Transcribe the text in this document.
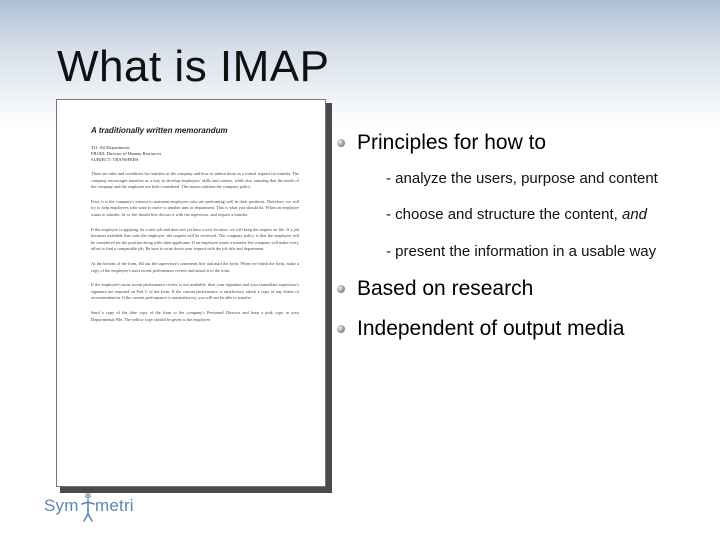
What is IMAP
A traditionally written memorandum
TO: All Departments
FROM: Director of Human Resources
SUBJECT: TRANSFERS
There are rules and conditions for transfers at the company and how to submit those as a formal request for transfer. The company encourages transfers as a way to develop employees' skills and careers, while also ensuring that the needs of the company and the employee are both considered. This memo outlines the company policy.
First, it is the company's interest to maintain employees who are performing well in their positions. Therefore, we will try to help employees who want to move to another unit or department. This is what you should do. When an employee wants to transfer, he or she should first discuss it with the supervisor, and request a transfer.
If the employee is applying for a new job and does not yet have a new location, we will keep the request on file. If a job becomes available that suits the employee, the request will be reviewed. The company policy is that the employee will be considered for the position along with other applicants. If an employee wants a transfer, the company will make every effort to find a comparable job. Be sure to write down your request with the job title and department.
At the bottom of the form, fill out the supervisor's comments line and mail the form. When we finish the form, make a copy of the employee's most recent performance review and attach it to the form.
If the employee's most recent performance review is not available, then your signature and your immediate supervisor's signature are required on Part C of the form. If the current performance is satisfactory, attach a copy of any letters of recommendation. If the current performance is unsatisfactory, you will not be able to transfer.
Send a copy of the blue copy of the form to the company's Personnel Director and keep a pink copy in your Departmental File. The yellow copy should be given to the employee.
Principles for how to
- analyze the users, purpose and content
- choose and structure the content, and
- present the information in a usable way
Based on research
Independent of output media
Sym metri
